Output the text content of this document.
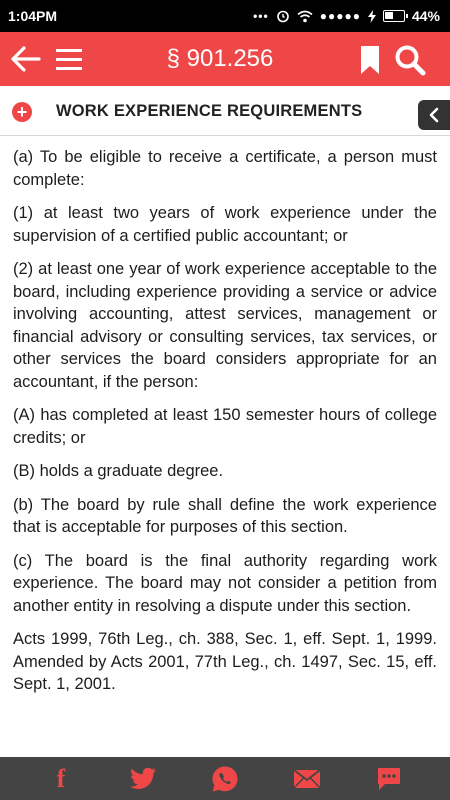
1:04PM	•••	●●●●●	44%
§ 901.256
+ WORK EXPERIENCE REQUIREMENTS

(a) To be eligible to receive a certificate, a person must complete:

(1) at least two years of work experience under the supervision of a certified public accountant; or

(2) at least one year of work experience acceptable to the board, including experience providing a service or advice involving accounting, attest services, management or financial advisory or consulting services, tax services, or other services the board considers appropriate for an accountant, if the person:

(A) has completed at least 150 semester hours of college credits; or

(B) holds a graduate degree.

(b) The board by rule shall define the work experience that is acceptable for purposes of this section.

(c) The board is the final authority regarding work experience. The board may not consider a petition from another entity in resolving a dispute under this section.

Acts 1999, 76th Leg., ch. 388, Sec. 1, eff. Sept. 1, 1999. Amended by Acts 2001, 77th Leg., ch. 1497, Sec. 15, eff. Sept. 1, 2001.

f
